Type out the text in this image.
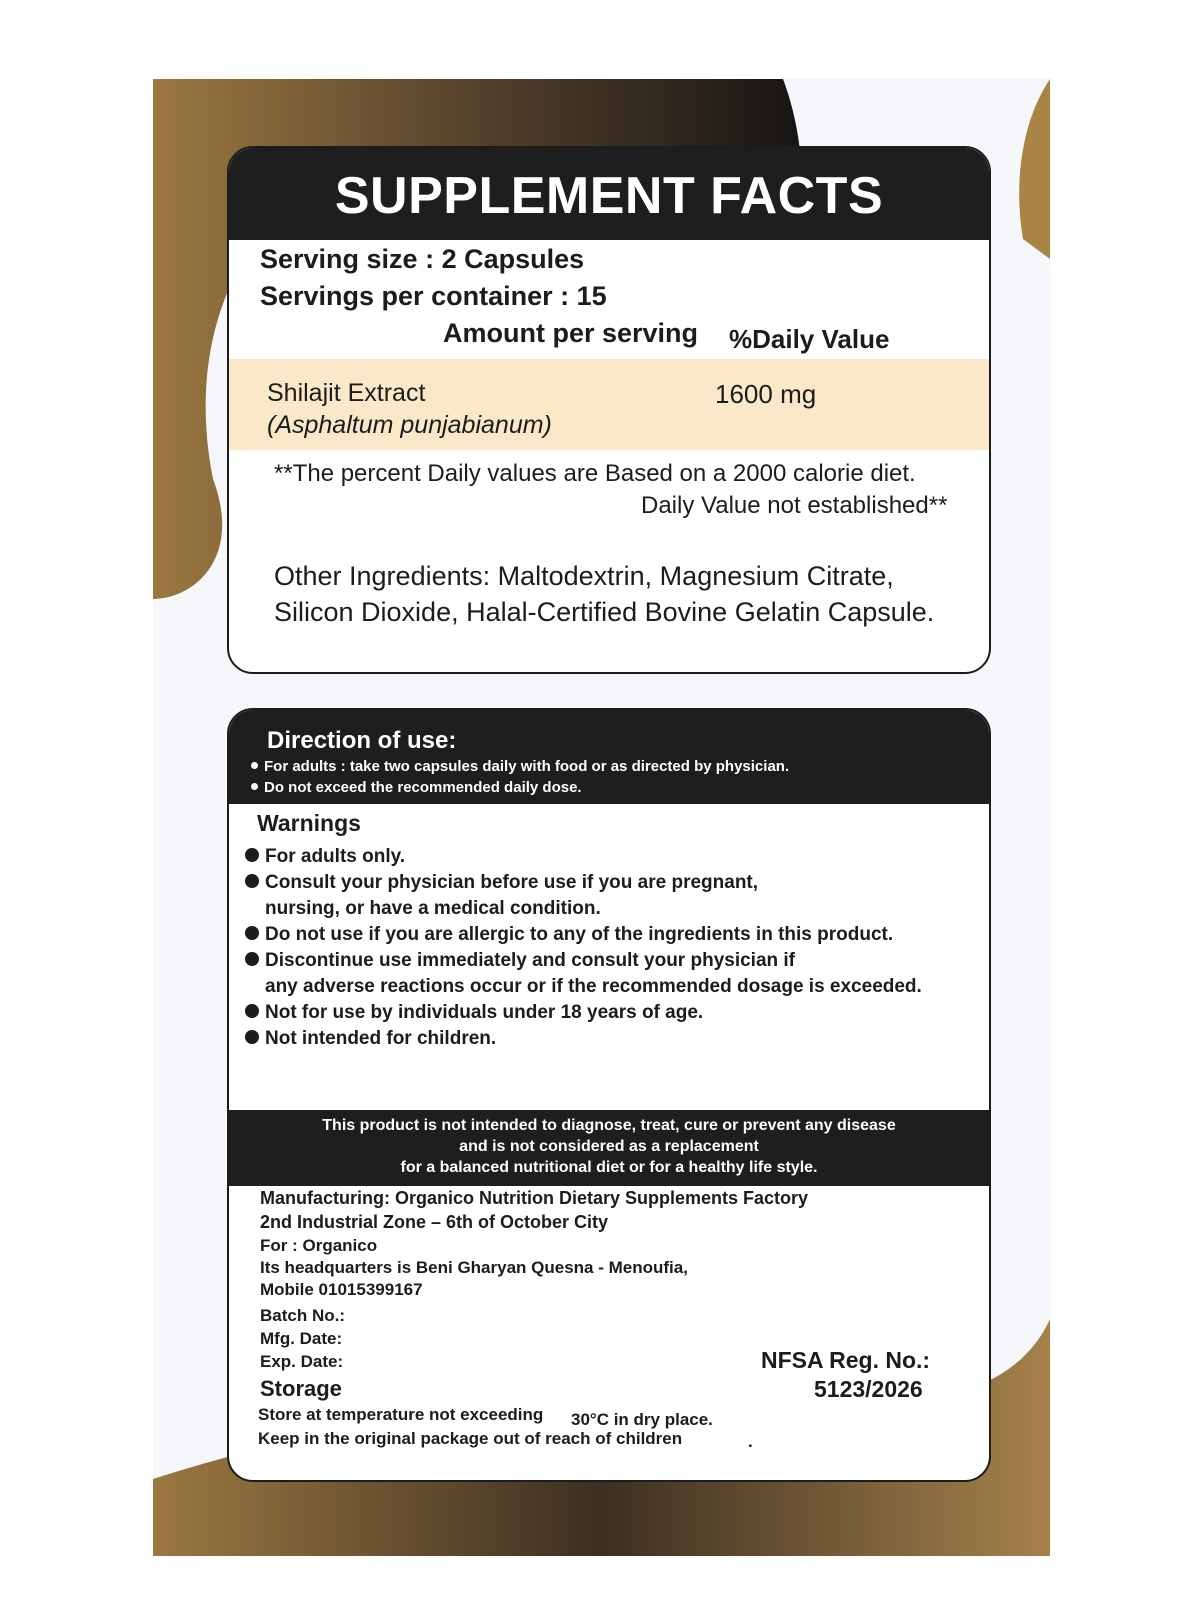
SUPPLEMENT FACTS
Serving size : 2 Capsules
Servings per container : 15
Amount per serving %Daily Value
Shilajit Extract
(Asphaltum punjabianum)
1600 mg
**The percent Daily values are Based on a 2000 calorie diet.
Daily Value not established**
Other Ingredients: Maltodextrin, Magnesium Citrate,
Silicon Dioxide, Halal-Certified Bovine Gelatin Capsule.
Direction of use:
For adults : take two capsules daily with food or as directed by physician.
Do not exceed the recommended daily dose.
Warnings
For adults only.
Consult your physician before use if you are pregnant,
nursing, or have a medical condition.
Do not use if you are allergic to any of the ingredients in this product.
Discontinue use immediately and consult your physician if
any adverse reactions occur or if the recommended dosage is exceeded.
Not for use by individuals under 18 years of age.
Not intended for children.
This product is not intended to diagnose, treat, cure or prevent any disease
and is not considered as a replacement
for a balanced nutritional diet or for a healthy life style.
Manufacturing: Organico Nutrition Dietary Supplements Factory
2nd Industrial Zone – 6th of October City
For : Organico
Its headquarters is Beni Gharyan Quesna - Menoufia,
Mobile 01015399167
Batch No.:
Mfg. Date:
Exp. Date:	NFSA Reg. No.:
5123/2026
Storage
Store at temperature not exceeding 30°C in dry place.
Keep in the original package out of reach of children	.
